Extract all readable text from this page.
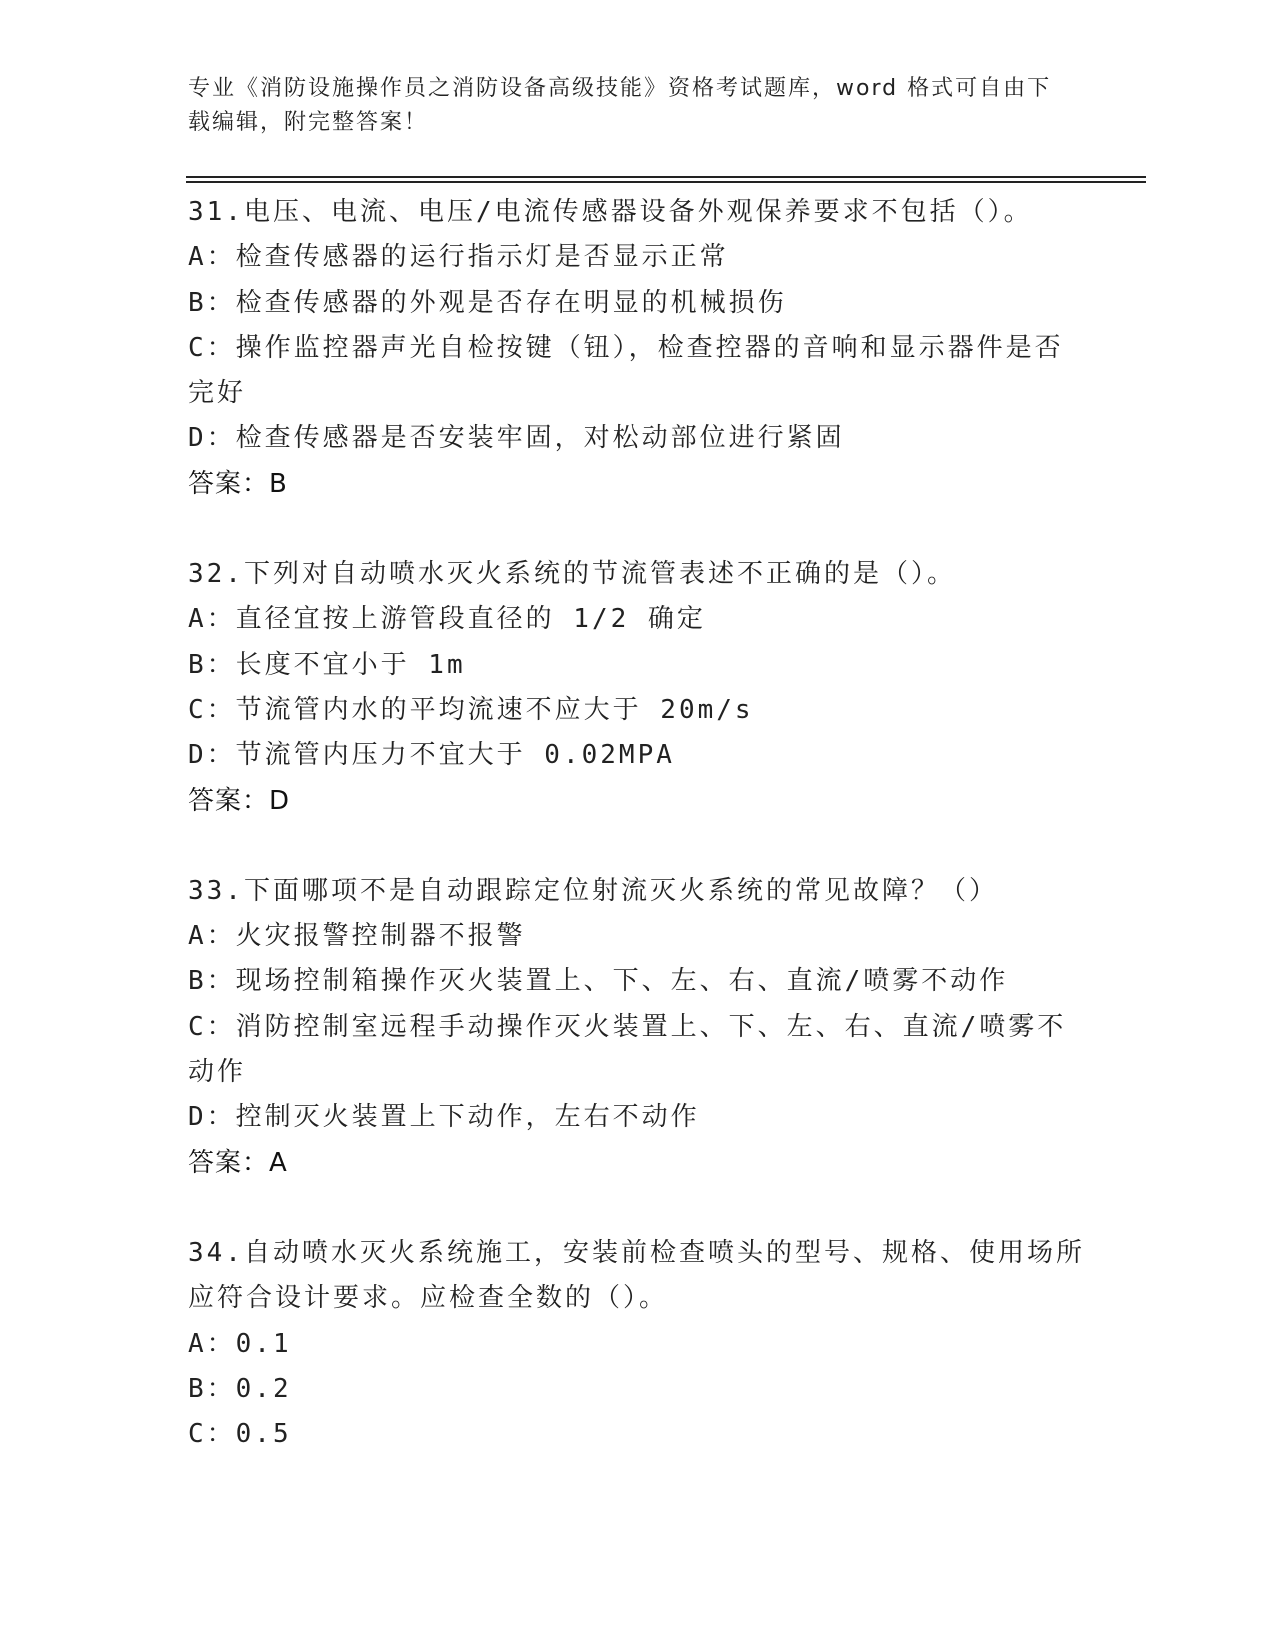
专业《消防设施操作员之消防设备高级技能》资格考试题库，word 格式可自由下
载编辑，附完整答案！

31.电压、电流、电压/电流传感器设备外观保养要求不包括（）。

A：检查传感器的运行指示灯是否显示正常

B：检查传感器的外观是否存在明显的机械损伤

C：操作监控器声光自检按键（钮），检查控器的音响和显示器件是否完好

D：检查传感器是否安装牢固，对松动部位进行紧固

答案：B

32.下列对自动喷水灭火系统的节流管表述不正确的是（）。

A：直径宜按上游管段直径的 1/2 确定

B：长度不宜小于 1m

C：节流管内水的平均流速不应大于 20m/s

D：节流管内压力不宜大于 0.02MPA

答案：D

33.下面哪项不是自动跟踪定位射流灭火系统的常见故障？（）

A：火灾报警控制器不报警

B：现场控制箱操作灭火装置上、下、左、右、直流/喷雾不动作

C：消防控制室远程手动操作灭火装置上、下、左、右、直流/喷雾不动作

D：控制灭火装置上下动作，左右不动作

答案：A

34.自动喷水灭火系统施工，安装前检查喷头的型号、规格、使用场所应符合设计要求。应检查全数的（）。

A：0.1

B：0.2

C：0.5
